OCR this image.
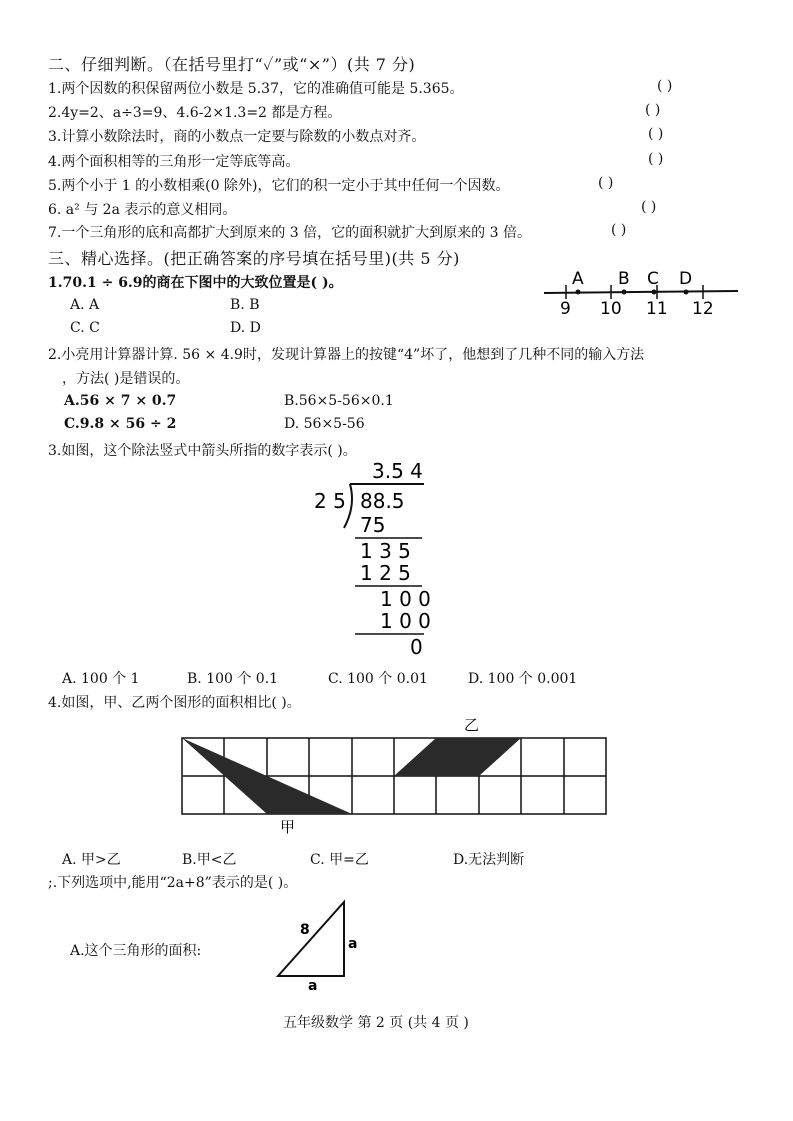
二、仔细判断。（在括号里打“✓”或“×”）(共 7 分)
1.两个因数的积保留两位小数是 5.37，它的准确值可能是 5.365。	( )
2.4y=2、a÷3=9、4.6-2×1.3=2 都是方程。	( )
3.计算小数除法时，商的小数点一定要与除数的小数点对齐。	( )
4.两个面积相等的三角形一定等底等高。	( )
5.两个小于 1 的小数相乘(0 除外)，它们的积一定小于其中任何一个因数。	( )
6. a² 与 2a 表示的意义相同。	( )
7.一个三角形的底和高都扩大到原来的 3 倍，它的面积就扩大到原来的 3 倍。	( )
三、精心选择。(把正确答案的序号填在括号里)(共 5 分)
1.70.1 ÷ 6.9的商在下图中的大致位置是( )。
A. A	B. B
C. C	D. D
9 10 11 12
A B C D
2.小亮用计算器计算. 56 × 4.9时，发现计算器上的按键“4”坏了，他想到了几种不同的输入方法
，方法( )是错误的。
A.56 × 7 × 0.7	B.56×5-56×0.1
C.9.8 × 56 ÷ 2	D. 56×5-56
3.如图，这个除法竖式中箭头所指的数字表示( )。
3.5 4
2 5 88.5
75
1 3 5
1 2 5
1 0 0
1 0 0
0
A. 100 个 1	B. 100 个 0.1	C. 100 个 0.01	D. 100 个 0.001
4.如图，甲、乙两个图形的面积相比( )。
甲
乙
A. 甲>乙	B.甲<乙	C. 甲=乙	D.无法判断
;.下列选项中,能用“2a+8”表示的是( )。
A.这个三角形的面积:
8
a
a
五年级数学 第 2 页 (共 4 页 )
